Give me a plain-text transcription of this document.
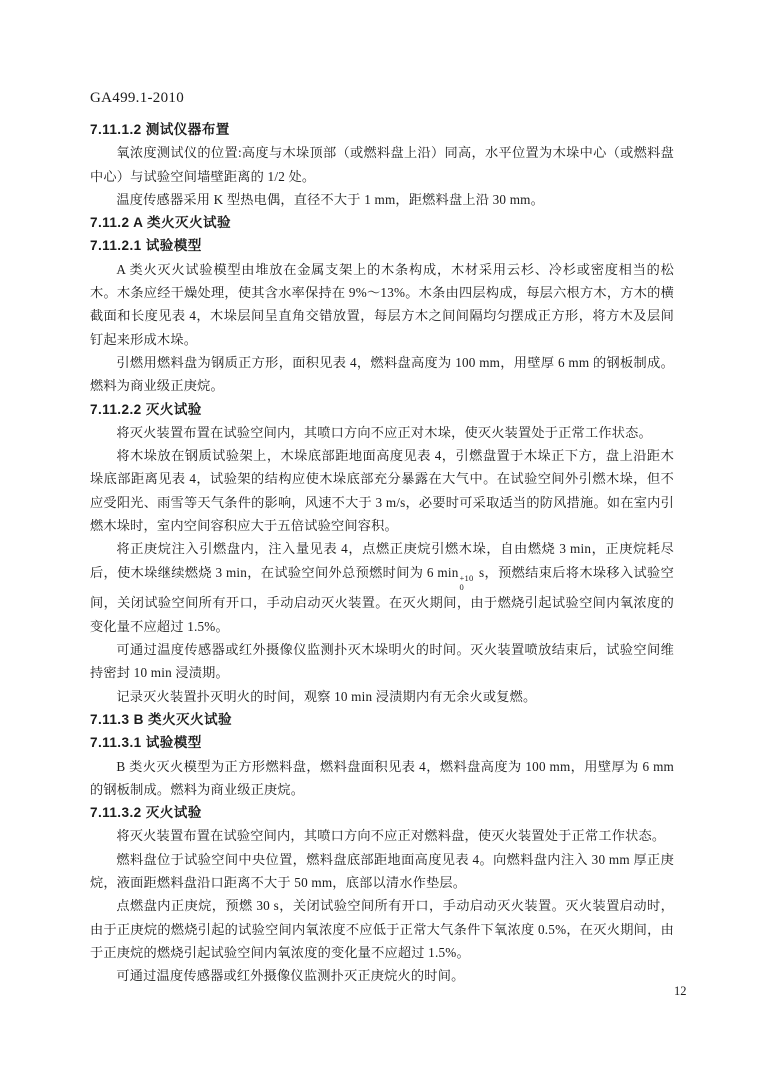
GA499.1-2010

7.11.1.2 测试仪器布置

氧浓度测试仪的位置:高度与木垛顶部（或燃料盘上沿）同高，水平位置为木垛中心（或燃料盘中心）与试验空间墙壁距离的 1/2 处。

温度传感器采用 K 型热电偶，直径不大于 1 mm，距燃料盘上沿 30 mm。

7.11.2 A 类火灭火试验

7.11.2.1 试验模型

A 类火灭火试验模型由堆放在金属支架上的木条构成，木材采用云杉、冷杉或密度相当的松木。木条应经干燥处理，使其含水率保持在 9%～13%。木条由四层构成，每层六根方木，方木的横截面和长度见表 4，木垛层间呈直角交错放置，每层方木之间间隔均匀摆成正方形，将方木及层间钉起来形成木垛。

引燃用燃料盘为钢质正方形，面积见表 4，燃料盘高度为 100 mm，用壁厚 6 mm 的钢板制成。燃料为商业级正庚烷。

7.11.2.2 灭火试验

将灭火装置布置在试验空间内，其喷口方向不应正对木垛，使灭火装置处于正常工作状态。

将木垛放在钢质试验架上，木垛底部距地面高度见表 4，引燃盘置于木垛正下方，盘上沿距木垛底部距离见表 4，试验架的结构应使木垛底部充分暴露在大气中。在试验空间外引燃木垛，但不应受阳光、雨雪等天气条件的影响，风速不大于 3 m/s，必要时可采取适当的防风措施。如在室内引燃木垛时，室内空间容积应大于五倍试验空间容积。

将正庚烷注入引燃盘内，注入量见表 4，点燃正庚烷引燃木垛，自由燃烧 3 min，正庚烷耗尽后，使木垛继续燃烧 3 min，在试验空间外总预燃时间为 6 min +10
0
s，预燃结束后将木垛移入试验空间，关闭试验空间所有开口，手动启动灭火装置。在灭火期间，由于燃烧引起试验空间内氧浓度的变化量不应超过 1.5%。

可通过温度传感器或红外摄像仪监测扑灭木垛明火的时间。灭火装置喷放结束后，试验空间维持密封 10 min 浸渍期。

记录灭火装置扑灭明火的时间，观察 10 min 浸渍期内有无余火或复燃。

7.11.3 B 类火灭火试验

7.11.3.1 试验模型

B 类火灭火模型为正方形燃料盘，燃料盘面积见表 4，燃料盘高度为 100 mm，用壁厚为 6 mm 的钢板制成。燃料为商业级正庚烷。

7.11.3.2 灭火试验

将灭火装置布置在试验空间内，其喷口方向不应正对燃料盘，使灭火装置处于正常工作状态。

燃料盘位于试验空间中央位置，燃料盘底部距地面高度见表 4。向燃料盘内注入 30 mm 厚正庚烷，液面距燃料盘沿口距离不大于 50 mm，底部以清水作垫层。

点燃盘内正庚烷，预燃 30 s，关闭试验空间所有开口，手动启动灭火装置。灭火装置启动时，由于正庚烷的燃烧引起的试验空间内氧浓度不应低于正常大气条件下氧浓度 0.5%，在灭火期间，由于正庚烷的燃烧引起试验空间内氧浓度的变化量不应超过 1.5%。

可通过温度传感器或红外摄像仪监测扑灭正庚烷火的时间。

12
